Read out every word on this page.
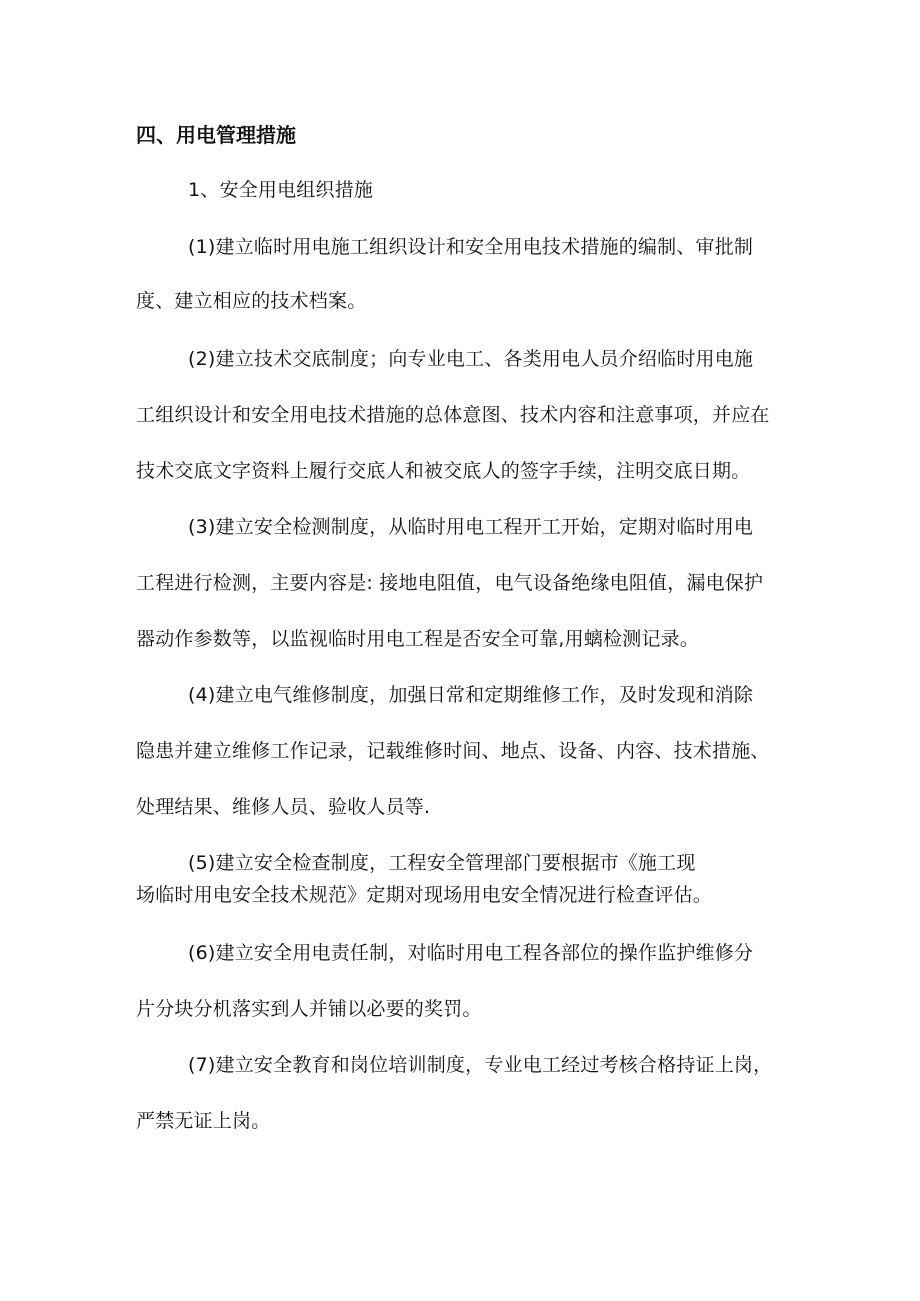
四、用电管理措施
1、安全用电组织措施
(1)建立临时用电施工组织设计和安全用电技术措施的编制、审批制
度、建立相应的技术档案。
(2)建立技术交底制度；向专业电工、各类用电人员介绍临时用电施
工组织设计和安全用电技术措施的总体意图、技术内容和注意事项，并应在
技术交底文字资料上履行交底人和被交底人的签字手续，注明交底日期。
(3)建立安全检测制度，从临时用电工程开工开始，定期对临时用电
工程进行检测，主要内容是: 接地电阻值，电气设备绝缘电阻值，漏电保护
器动作参数等，以监视临时用电工程是否安全可靠,用螭检测记录。
(4)建立电气维修制度，加强日常和定期维修工作，及时发现和消除
隐患并建立维修工作记录，记载维修时间、地点、设备、内容、技术措施、
处理结果、维修人员、验收人员等.
(5)建立安全检查制度，工程安全管理部门要根据市《施工现
场临时用电安全技术规范》定期对现场用电安全情况进行检查评估。
(6)建立安全用电责任制，对临时用电工程各部位的操作监护维修分
片分块分机落实到人并铺以必要的奖罚。
(7)建立安全教育和岗位培训制度，专业电工经过考核合格持证上岗，
严禁无证上岗。
